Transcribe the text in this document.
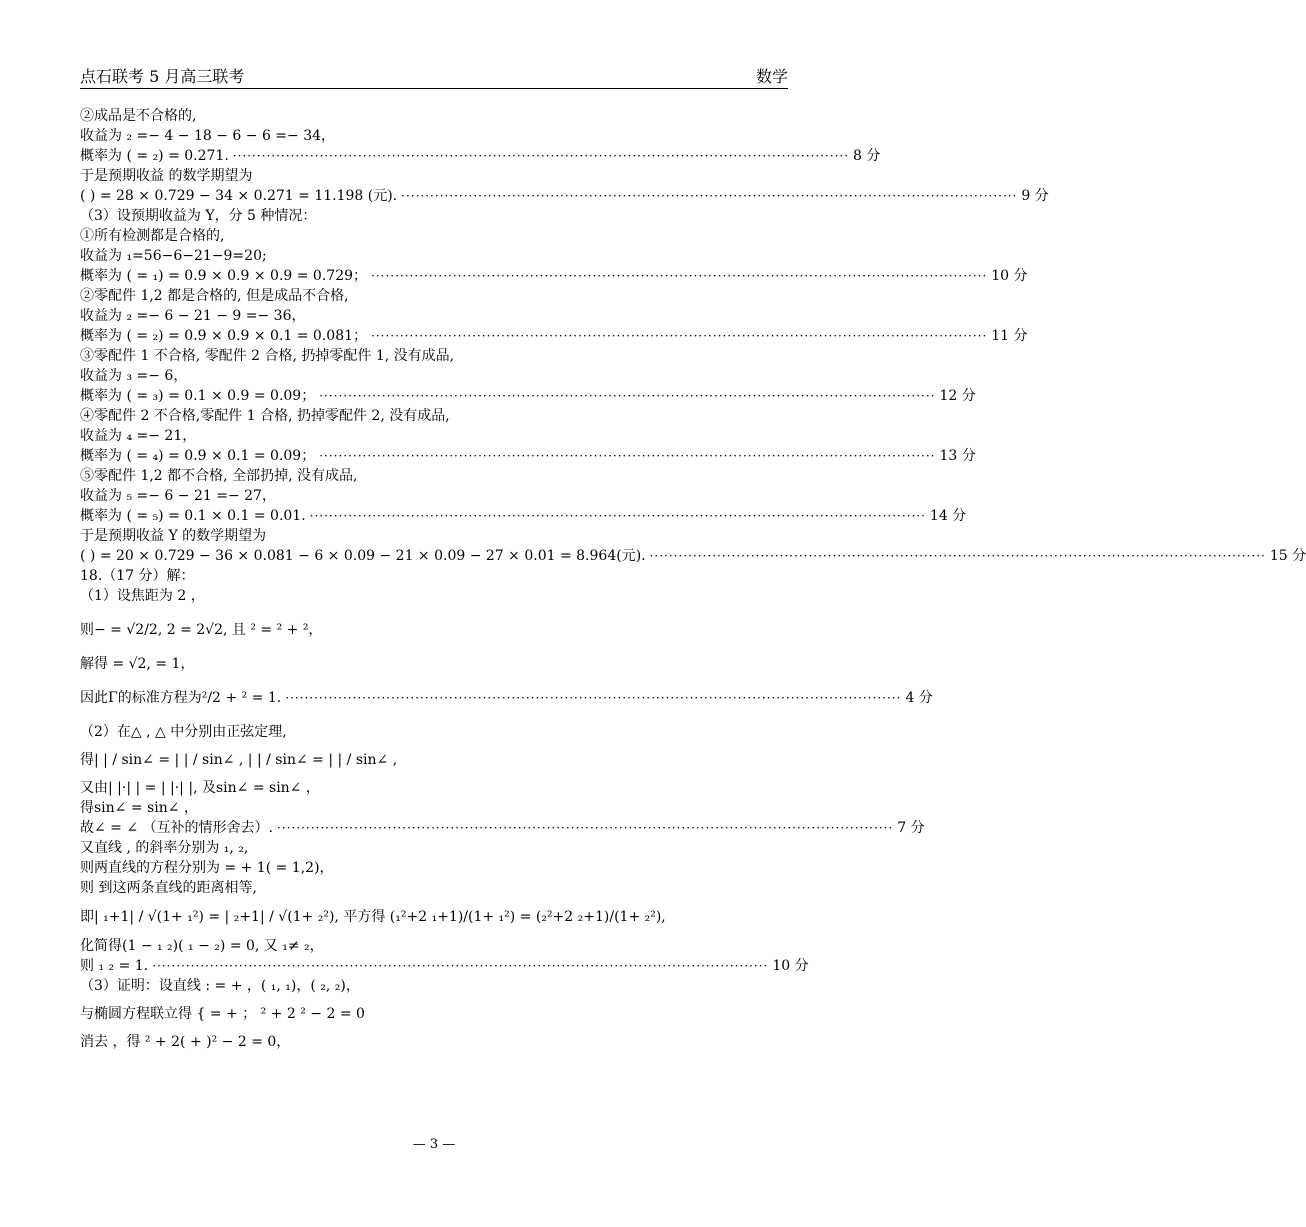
点石联考 5 月高三联考	数学
②成品是不合格的,
收益为 ₂ =− 4 − 18 − 6 − 6 =− 34，
概率为 ( = ₂) = 0.271. ································································································································ 8 分
于是预期收益 的数学期望为
( ) = 28 × 0.729 − 34 × 0.271 = 11.198 (元). ································································································································ 9 分
（3）设预期收益为 Y，分 5 种情况：
①所有检测都是合格的,
收益为 ₁=56−6−21−9=20;
概率为 ( = ₁) = 0.9 × 0.9 × 0.9 = 0.729； ································································································································ 10 分
②零配件 1,2 都是合格的, 但是成品不合格,
收益为 ₂ =− 6 − 21 − 9 =− 36，
概率为 ( = ₂) = 0.9 × 0.9 × 0.1 = 0.081； ································································································································ 11 分
③零配件 1 不合格, 零配件 2 合格, 扔掉零配件 1, 没有成品,
收益为 ₃ =− 6，
概率为 ( = ₃) = 0.1 × 0.9 = 0.09； ································································································································ 12 分
④零配件 2 不合格,零配件 1 合格, 扔掉零配件 2, 没有成品,
收益为 ₄ =− 21，
概率为 ( = ₄) = 0.9 × 0.1 = 0.09； ································································································································ 13 分
⑤零配件 1,2 都不合格, 全部扔掉, 没有成品,
收益为 ₅ =− 6 − 21 =− 27，
概率为 ( = ₅) = 0.1 × 0.1 = 0.01. ································································································································ 14 分
于是预期收益 Y 的数学期望为
( ) = 20 × 0.729 − 36 × 0.081 − 6 × 0.09 − 21 × 0.09 − 27 × 0.01 = 8.964(元). ································································································································ 15 分
18.（17 分）解：
（1）设焦距为 2 ，
则− = √2/2, 2 = 2√2, 且 ² = ² + ²，
解得 = √2, = 1，
因此Γ的标准方程为²/2 + ² = 1. ································································································································ 4 分
（2）在△ , △ 中分别由正弦定理,
得| | / sin∠ = | | / sin∠ , | | / sin∠ = | | / sin∠ ,
又由| |·| | = | |·| |, 及sin∠ = sin∠ ，
得sin∠ = sin∠ ，
故∠ = ∠ （互补的情形舍去）. ································································································································ 7 分
又直线 , 的斜率分别为 ₁, ₂,
则两直线的方程分别为 = + 1( = 1,2)，
则 到这两条直线的距离相等,
即| ₁+1| / √(1+ ₁²) = | ₂+1| / √(1+ ₂²), 平方得 (₁²+2 ₁+1)/(1+ ₁²) = (₂²+2 ₂+1)/(1+ ₂²),
化简得(1 − ₁ ₂)( ₁ − ₂) = 0, 又 ₁≠ ₂，
则 ₁ ₂ = 1. ································································································································ 10 分
（3）证明：设直线 : = + ，( ₁, ₁)，( ₂, ₂)，
与椭圆方程联立得 { = + ； ² + 2 ² − 2 = 0
消去 ，得 ² + 2( + )² − 2 = 0，
— 3 —
